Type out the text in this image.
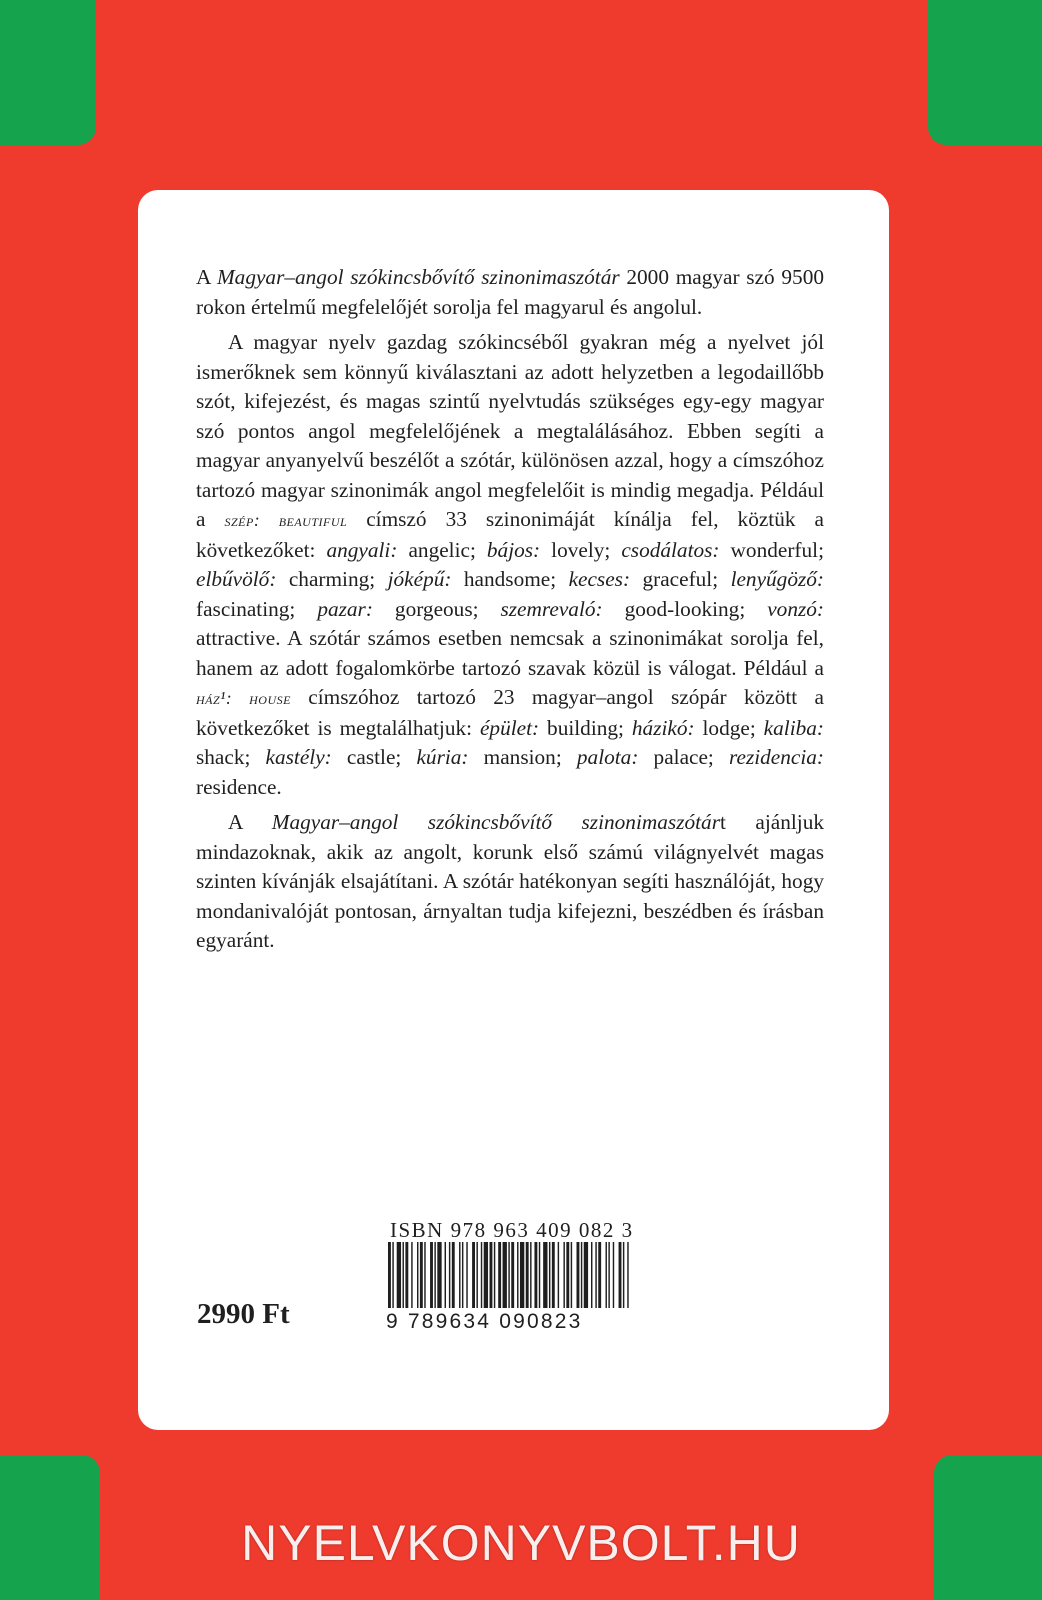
A Magyar–angol szókincsbővítő szinonimaszótár 2000 magyar szó 9500 rokon értelmű megfelelőjét sorolja fel magyarul és angolul.

A magyar nyelv gazdag szókincséből gyakran még a nyelvet jól ismerőknek sem könnyű kiválasztani az adott helyzetben a legodaillőbb szót, kifejezést, és magas szintű nyelvtudás szükséges egy-egy magyar szó pontos angol megfelelőjének a megtalálásához. Ebben segíti a magyar anyanyelvű beszélőt a szótár, különösen azzal, hogy a címszóhoz tartozó magyar szinonimák angol megfelelőit is mindig megadja. Például a szép: beautiful címszó 33 szinonimáját kínálja fel, köztük a következőket: angyali: angelic; bájos: lovely; csodálatos: wonderful; elbűvölő: charming; jóképű: handsome; kecses: graceful; lenyűgöző: fascinating; pazar: gorgeous; szemrevaló: good-looking; vonzó: attractive. A szótár számos esetben nemcsak a szinonimákat sorolja fel, hanem az adott fogalomkörbe tartozó szavak közül is válogat. Például a ház¹: house címszóhoz tartozó 23 magyar–angol szópár között a következőket is megtalálhatjuk: épület: building; házikó: lodge; kaliba: shack; kastély: castle; kúria: mansion; palota: palace; rezidencia: residence.

A Magyar–angol szókincsbővítő szinonimaszótárt ajánljuk mindazoknak, akik az angolt, korunk első számú világnyelvét magas szinten kívánják elsajátítani. A szótár hatékonyan segíti használóját, hogy mondanivalóját pontosan, árnyaltan tudja kifejezni, beszédben és írásban egyaránt.

ISBN 978 963 409 082 3
9 789634 090823
2990 Ft
NYELVKONYVBOLT.HU
